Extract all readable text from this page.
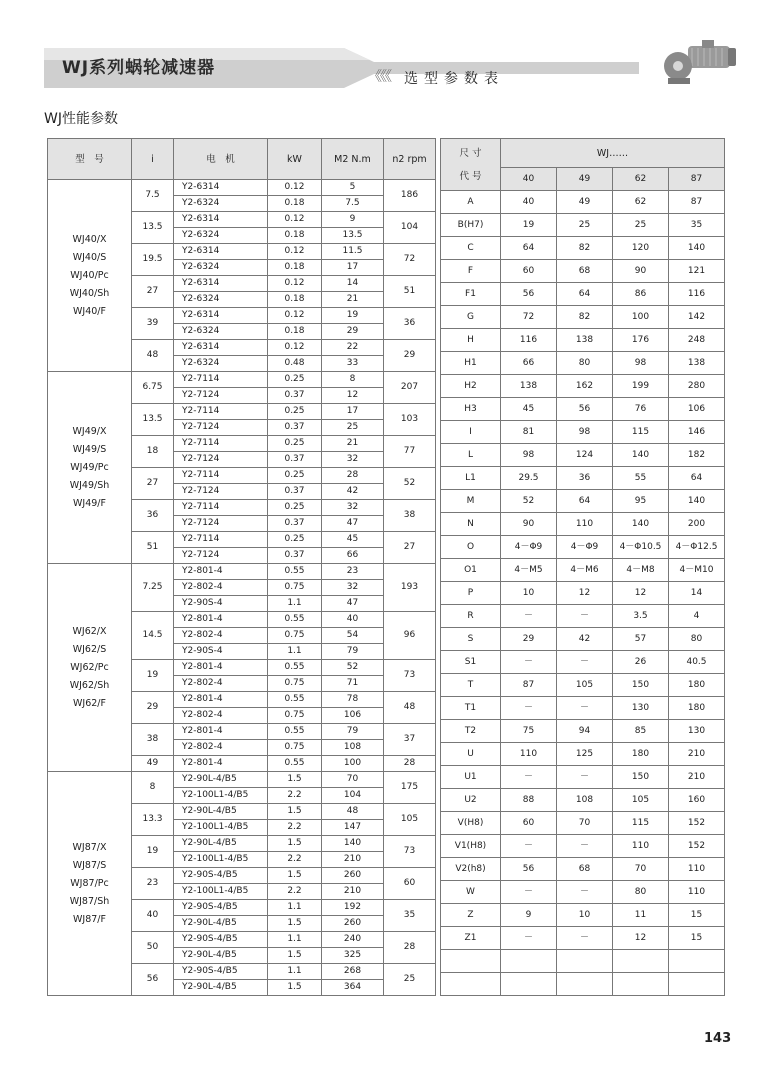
WJ系列蜗轮减速器	《《《 选型参数表
WJ性能参数
型　号	i	电　机	kW	M2 N.m	n2 rpm
WJ40/X
WJ40/S
WJ40/Pc
WJ40/Sh
WJ40/F	7.5	Y2-6314	0.12	5	186
		Y2-6324	0.18	7.5	
	13.5	Y2-6314	0.12	9	104
		Y2-6324	0.18	13.5	
	19.5	Y2-6314	0.12	11.5	72
		Y2-6324	0.18	17	
	27	Y2-6314	0.12	14	51
		Y2-6324	0.18	21	
	39	Y2-6314	0.12	19	36
		Y2-6324	0.18	29	
	48	Y2-6314	0.12	22	29
		Y2-6324	0.48	33	
WJ49/X
WJ49/S
WJ49/Pc
WJ49/Sh
WJ49/F	6.75	Y2-7114	0.25	8	207
		Y2-7124	0.37	12	
	13.5	Y2-7114	0.25	17	103
		Y2-7124	0.37	25	
	18	Y2-7114	0.25	21	77
		Y2-7124	0.37	32	
	27	Y2-7114	0.25	28	52
		Y2-7124	0.37	42	
	36	Y2-7114	0.25	32	38
		Y2-7124	0.37	47	
	51	Y2-7114	0.25	45	27
		Y2-7124	0.37	66	
WJ62/X
WJ62/S
WJ62/Pc
WJ62/Sh
WJ62/F	7.25	Y2-801-4	0.55	23	193
		Y2-802-4	0.75	32	
		Y2-90S-4	1.1	47	
	14.5	Y2-801-4	0.55	40	96
		Y2-802-4	0.75	54	
		Y2-90S-4	1.1	79	
	19	Y2-801-4	0.55	52	73
		Y2-802-4	0.75	71	
	29	Y2-801-4	0.55	78	48
		Y2-802-4	0.75	106	
	38	Y2-801-4	0.55	79	37
		Y2-802-4	0.75	108	
	49	Y2-801-4	0.55	100	28
WJ87/X
WJ87/S
WJ87/Pc
WJ87/Sh
WJ87/F	8	Y2-90L-4/B5	1.5	70	175
		Y2-100L1-4/B5	2.2	104	
	13.3	Y2-90L-4/B5	1.5	48	105
		Y2-100L1-4/B5	2.2	147	
	19	Y2-90L-4/B5	1.5	140	73
		Y2-100L1-4/B5	2.2	210	
	23	Y2-90S-4/B5	1.5	260	60
		Y2-100L1-4/B5	2.2	210	
	40	Y2-90S-4/B5	1.1	192	35
		Y2-90L-4/B5	1.5	260	
	50	Y2-90S-4/B5	1.1	240	28
		Y2-90L-4/B5	1.5	325	
	56	Y2-90S-4/B5	1.1	268	25
		Y2-90L-4/B5	1.5	364	
尺 寸
代 号	WJ……			
	40	49	62	87
A	40	49	62	87
B(H7)	19	25	25	35
C	64	82	120	140
F	60	68	90	121
F1	56	64	86	116
G	72	82	100	142
H	116	138	176	248
H1	66	80	98	138
H2	138	162	199	280
H3	45	56	76	106
I	81	98	115	146
L	98	124	140	182
L1	29.5	36	55	64
M	52	64	95	140
N	90	110	140	200
O	4－Φ9	4－Φ9	4－Φ10.5	4－Φ12.5
O1	4－M5	4－M6	4－M8	4－M10
P	10	12	12	14
R	－	－	3.5	4
S	29	42	57	80
S1	－	－	26	40.5
T	87	105	150	180
T1	－	－	130	180
T2	75	94	85	130
U	110	125	180	210
U1	－	－	150	210
U2	88	108	105	160
V(H8)	60	70	115	152
V1(H8)	－	－	110	152
V2(h8)	56	68	70	110
W	－	－	80	110
Z	9	10	11	15
Z1	－	－	12	15

143
